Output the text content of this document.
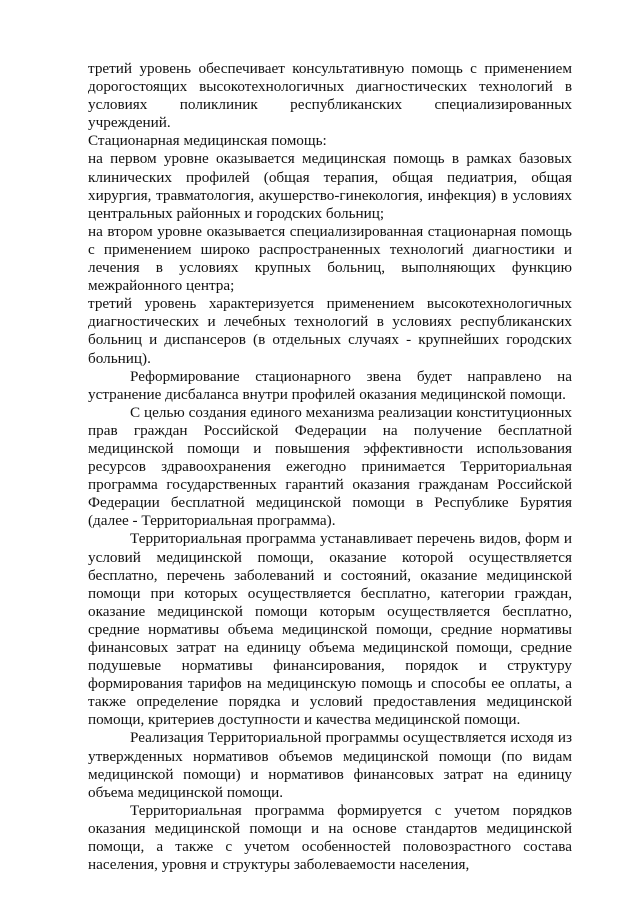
третий уровень обеспечивает консультативную помощь с применением дорогостоящих высокотехнологичных диагностических технологий в условиях поликлиник республиканских специализированных учреждений.

Стационарная медицинская помощь:

на первом уровне оказывается медицинская помощь в рамках базовых клинических профилей (общая терапия, общая педиатрия, общая хирургия, травматология, акушерство-гинекология, инфекция) в условиях центральных районных и городских больниц;

на втором уровне оказывается специализированная стационарная помощь с применением широко распространенных технологий диагностики и лечения в условиях крупных больниц, выполняющих функцию межрайонного центра;

третий уровень характеризуется применением высокотехнологичных диагностических и лечебных технологий в условиях республиканских больниц и диспансеров (в отдельных случаях - крупнейших городских больниц).

Реформирование стационарного звена будет направлено на устранение дисбаланса внутри профилей оказания медицинской помощи.

С целью создания единого механизма реализации конституционных прав граждан Российской Федерации на получение бесплатной медицинской помощи и повышения эффективности использования ресурсов здравоохранения ежегодно принимается Территориальная программа государственных гарантий оказания гражданам Российской Федерации бесплатной медицинской помощи в Республике Бурятия (далее - Территориальная программа).

Территориальная программа устанавливает перечень видов, форм и условий медицинской помощи, оказание которой осуществляется бесплатно, перечень заболеваний и состояний, оказание медицинской помощи при которых осуществляется бесплатно, категории граждан, оказание медицинской помощи которым осуществляется бесплатно, средние нормативы объема медицинской помощи, средние нормативы финансовых затрат на единицу объема медицинской помощи, средние подушевые нормативы финансирования, порядок и структуру формирования тарифов на медицинскую помощь и способы ее оплаты, а также определение порядка и условий предоставления медицинской помощи, критериев доступности и качества медицинской помощи.

Реализация Территориальной программы осуществляется исходя из утвержденных нормативов объемов медицинской помощи (по видам медицинской помощи) и нормативов финансовых затрат на единицу объема медицинской помощи.

Территориальная программа формируется с учетом порядков оказания медицинской помощи и на основе стандартов медицинской помощи, а также с учетом особенностей половозрастного состава населения, уровня и структуры заболеваемости населения,
